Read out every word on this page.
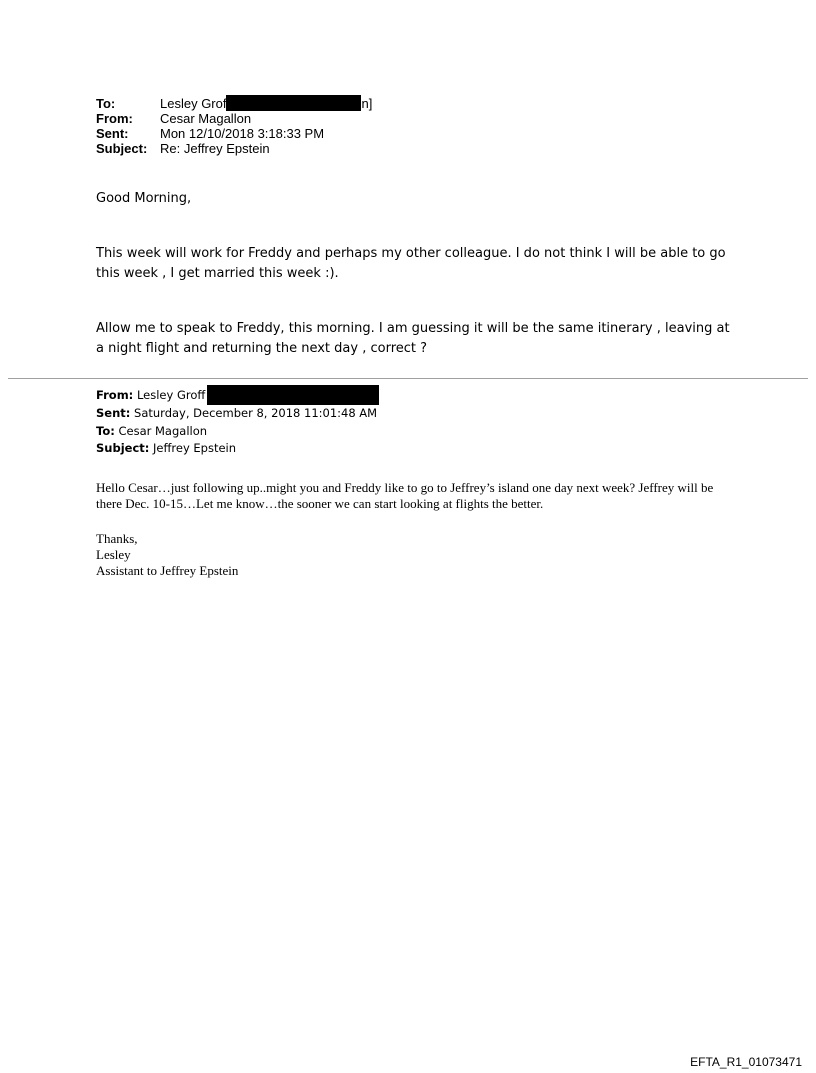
To:	Lesley Grof	n]
From:	Cesar Magallon
Sent:	Mon 12/10/2018 3:18:33 PM
Subject: Re: Jeffrey Epstein
Good Morning,
This week will work for Freddy and perhaps my other colleague. I do not think I will be able to go this week , I get married this week :).
Allow me to speak to Freddy, this morning. I am guessing it will be the same itinerary , leaving at a night flight and returning the next day , correct ?
From: Lesley Groff
Sent: Saturday, December 8, 2018 11:01:48 AM
To: Cesar Magallon
Subject: Jeffrey Epstein
Hello Cesar…just following up..might you and Freddy like to go to Jeffrey’s island one day next week? Jeffrey will be there Dec. 10-15…Let me know…the sooner we can start looking at flights the better.
Thanks,
Lesley
Assistant to Jeffrey Epstein
EFTA_R1_01073471
